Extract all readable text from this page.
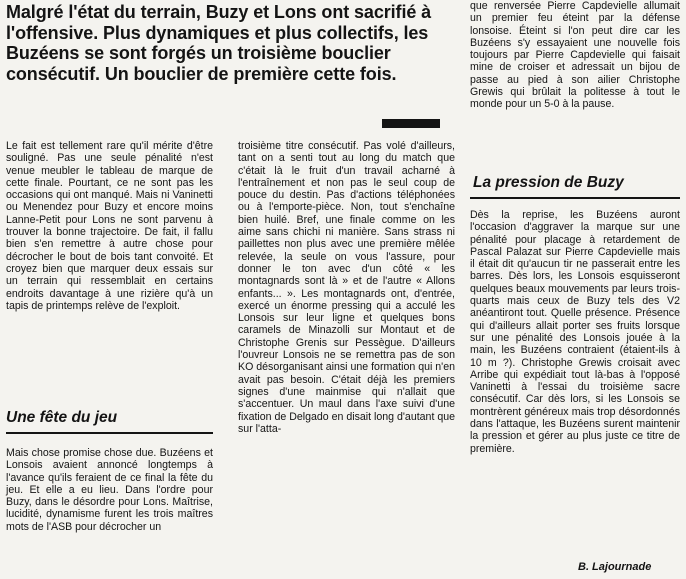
Malgré l'état du terrain, Buzy et Lons ont sacrifié à l'offensive. Plus dynamiques et plus collectifs, les Buzéens se sont forgés un troisième bouclier consécutif. Un bouclier de première cette fois.

Le fait est tellement rare qu'il mérite d'être souligné. Pas une seule pénalité n'est venue meubler le tableau de marque de cette finale. Pourtant, ce ne sont pas les occasions qui ont manqué. Mais ni Vaninetti ou Menendez pour Buzy et encore moins Lanne-Petit pour Lons ne sont parvenu à trouver la bonne trajectoire. De fait, il fallu bien s'en remettre à autre chose pour décrocher le bout de bois tant convoité. Et croyez bien que marquer deux essais sur un terrain qui ressemblait en certains endroits davantage à une rizière qu'à un tapis de printemps relève de l'exploit.

Une fête du jeu

Mais chose promise chose due. Buzéens et Lonsois avaient annoncé longtemps à l'avance qu'ils feraient de ce final la fête du jeu. Et elle a eu lieu. Dans l'ordre pour Buzy, dans le désordre pour Lons. Maîtrise, lucidité, dynamisme furent les trois maîtres mots de l'ASB pour décrocher un

troisième titre consécutif. Pas volé d'ailleurs, tant on a senti tout au long du match que c'était là le fruit d'un travail acharné à l'entraînement et non pas le seul coup de pouce du destin. Pas d'actions téléphonées ou à l'emporte-pièce. Non, tout s'enchaîne bien huilé. Bref, une finale comme on les aime sans chichi ni manière. Sans strass ni paillettes non plus avec une première mêlée relevée, la seule on vous l'assure, pour donner le ton avec d'un côté « les montagnards sont là » et de l'autre « Allons enfants... ». Les montagnards ont, d'entrée, exercé un énorme pressing qui a acculé les Lonsois sur leur ligne et quelques bons caramels de Minazolli sur Montaut et de Christophe Grenis sur Pessègue. D'ailleurs l'ouvreur Lonsois ne se remettra pas de son KO désorganisant ainsi une formation qui n'en avait pas besoin. C'était déjà les premiers signes d'une mainmise qui n'allait que s'accentuer. Un maul dans l'axe suivi d'une fixation de Delgado en disait long d'autant que sur l'atta-

que renversée Pierre Capdevielle allumait un premier feu éteint par la défense lonsoise. Éteint si l'on peut dire car les Buzéens s'y essayaient une nouvelle fois toujours par Pierre Capdevielle qui faisait mine de croiser et adressait un bijou de passe au pied à son ailier Christophe Grewis qui brûlait la politesse à tout le monde pour un 5-0 à la pause.

La pression de Buzy

Dès la reprise, les Buzéens auront l'occasion d'aggraver la marque sur une pénalité pour placage à retardement de Pascal Palazat sur Pierre Capdevielle mais il était dit qu'aucun tir ne passerait entre les barres. Dès lors, les Lonsois esquisseront quelques beaux mouvements par leurs trois-quarts mais ceux de Buzy tels des V2 anéantiront tout. Quelle présence. Présence qui d'ailleurs allait porter ses fruits lorsque sur une pénalité des Lonsois jouée à la main, les Buzéens contraient (étaient-ils à 10 m ?). Christophe Grewis croisait avec Arribe qui expédiait tout là-bas à l'opposé Vaninetti à l'essai du troisième sacre consécutif. Car dès lors, si les Lonsois se montrèrent généreux mais trop désordonnés dans l'attaque, les Buzéens surent maintenir la pression et gérer au plus juste ce titre de première.

B. Lajournade
